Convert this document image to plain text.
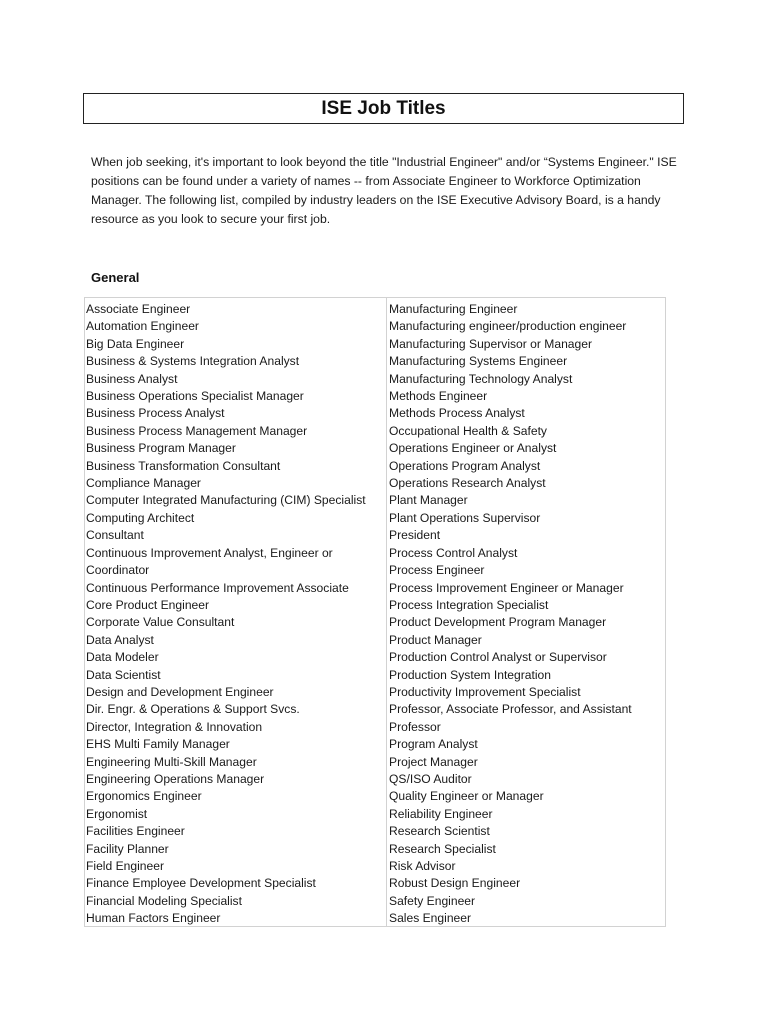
ISE Job Titles

When job seeking, it's important to look beyond the title "Industrial Engineer" and/or “Systems Engineer." ISE positions can be found under a variety of names -- from Associate Engineer to Workforce Optimization Manager. The following list, compiled by industry leaders on the ISE Executive Advisory Board, is a handy resource as you look to secure your first job.

General
Associate Engineer
Automation Engineer
Big Data Engineer
Business & Systems Integration Analyst
Business Analyst
Business Operations Specialist Manager
Business Process Analyst
Business Process Management Manager
Business Program Manager
Business Transformation Consultant
Compliance Manager
Computer Integrated Manufacturing (CIM) Specialist
Computing Architect
Consultant
Continuous Improvement Analyst, Engineer or
Coordinator
Continuous Performance Improvement Associate
Core Product Engineer
Corporate Value Consultant
Data Analyst
Data Modeler
Data Scientist
Design and Development Engineer
Dir. Engr. & Operations & Support Svcs.
Director, Integration & Innovation
EHS Multi Family Manager
Engineering Multi-Skill Manager
Engineering Operations Manager
Ergonomics Engineer
Ergonomist
Facilities Engineer
Facility Planner
Field Engineer
Finance Employee Development Specialist
Financial Modeling Specialist
Human Factors Engineer
Manufacturing Engineer
Manufacturing engineer/production engineer
Manufacturing Supervisor or Manager
Manufacturing Systems Engineer
Manufacturing Technology Analyst
Methods Engineer
Methods Process Analyst
Occupational Health & Safety
Operations Engineer or Analyst
Operations Program Analyst
Operations Research Analyst
Plant Manager
Plant Operations Supervisor
President
Process Control Analyst
Process Engineer
Process Improvement Engineer or Manager
Process Integration Specialist
Product Development Program Manager
Product Manager
Production Control Analyst or Supervisor
Production System Integration
Productivity Improvement Specialist
Professor, Associate Professor, and Assistant
Professor
Program Analyst
Project Manager
QS/ISO Auditor
Quality Engineer or Manager
Reliability Engineer
Research Scientist
Research Specialist
Risk Advisor
Robust Design Engineer
Safety Engineer
Sales Engineer
